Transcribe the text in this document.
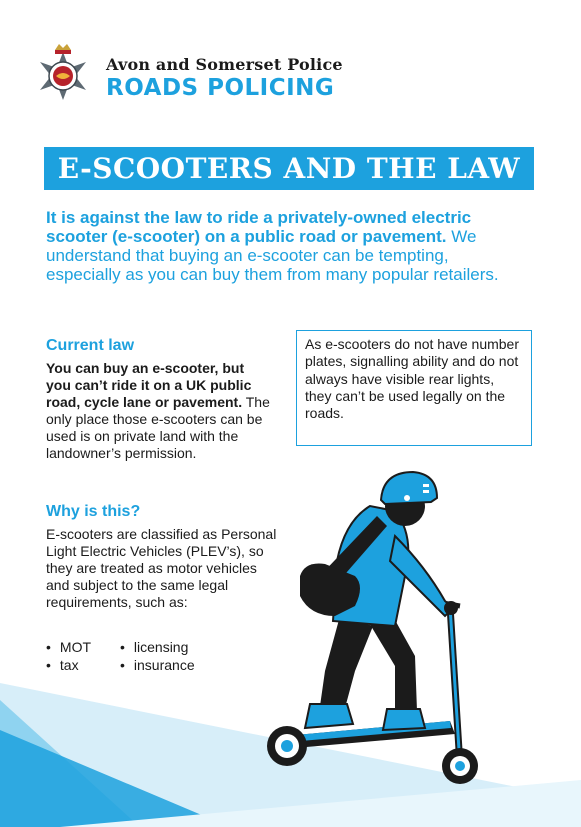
Avon and Somerset Police
ROADS POLICING
E-SCOOTERS AND THE LAW
It is against the law to ride a privately-owned electric scooter (e-scooter) on a public road or pavement. We understand that buying an e-scooter can be tempting, especially as you can buy them from many popular retailers.
Current law
You can buy an e-scooter, but you can’t ride it on a UK public road, cycle lane or pavement. The only place those e-scooters can be used is on private land with the landowner’s permission.
As e-scooters do not have number plates, signalling ability and do not always have visible rear lights, they can’t be used legally on the roads.
Why is this?
E-scooters are classified as Personal Light Electric Vehicles (PLEV’s), so they are treated as motor vehicles and subject to the same legal requirements, such as:
• MOT
• tax
• licensing
• insurance
